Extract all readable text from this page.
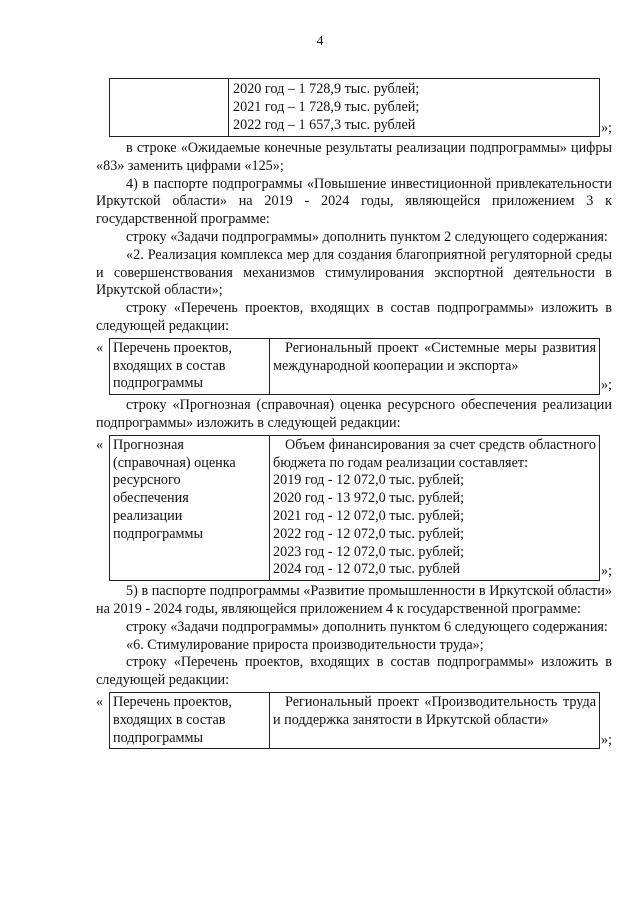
4

2020 год – 1 728,9 тыс. рублей;
2021 год – 1 728,9 тыс. рублей;
2022 год – 1 657,3 тыс. рублей	»;

в строке «Ожидаемые конечные результаты реализации подпрограммы» цифры «83» заменить цифрами «125»;

4) в паспорте подпрограммы «Повышение инвестиционной привлекательности Иркутской области» на 2019 - 2024 годы, являющейся приложением 3 к государственной программе:

строку «Задачи подпрограммы» дополнить пунктом 2 следующего содержания:

«2. Реализация комплекса мер для создания благоприятной регуляторной среды и совершенствования механизмов стимулирования экспортной деятельности в Иркутской области»;

строку «Перечень проектов, входящих в состав подпрограммы» изложить в следующей редакции:

« Перечень проектов,
входящих в состав
подпрограммы
	Региональный проект «Системные меры развития международной кооперации и экспорта»
»;

строку «Прогнозная (справочная) оценка ресурсного обеспечения реализации подпрограммы» изложить в следующей редакции:

« Прогнозная
(справочная) оценка
ресурсного
обеспечения
реализации
подпрограммы

Объем финансирования за счет средств областного бюджета по годам реализации составляет:
2019 год - 12 072,0 тыс. рублей;
2020 год - 13 972,0 тыс. рублей;
2021 год - 12 072,0 тыс. рублей;
2022 год - 12 072,0 тыс. рублей;
2023 год - 12 072,0 тыс. рублей;
2024 год - 12 072,0 тыс. рублей	»;

5) в паспорте подпрограммы «Развитие промышленности в Иркутской области» на 2019 - 2024 годы, являющейся приложением 4 к государственной программе:

строку «Задачи подпрограммы» дополнить пунктом 6 следующего содержания:

«6. Стимулирование прироста производительности труда»;

строку «Перечень проектов, входящих в состав подпрограммы» изложить в следующей редакции:

« Перечень проектов,
входящих в состав
подпрограммы
	Региональный проект «Производительность труда и поддержка занятости в Иркутской области»
»;
